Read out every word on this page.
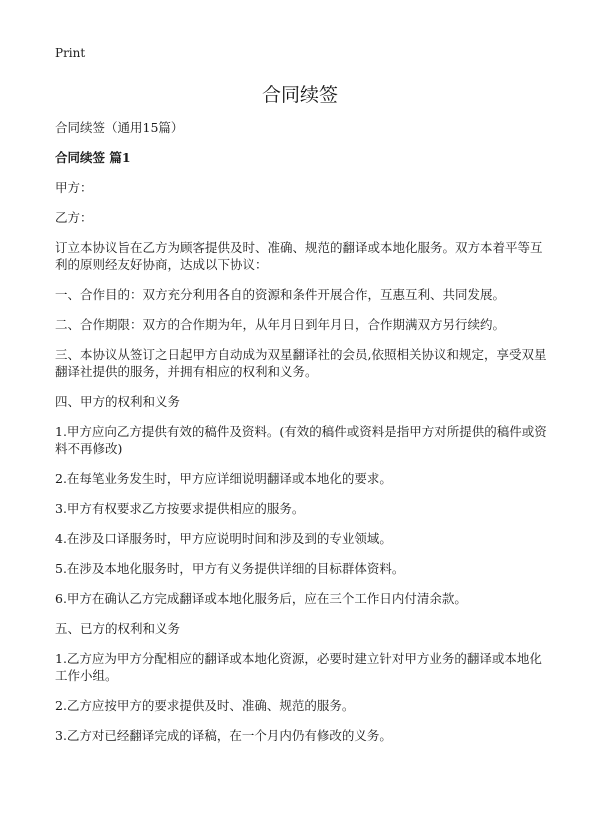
Print
合同续签

合同续签（通用15篇）

合同续签 篇1

甲方：

乙方：

订立本协议旨在乙方为顾客提供及时、准确、规范的翻译或本地化服务。双方本着平等互利的原则经友好协商，达成以下协议：

一、合作目的：双方充分利用各自的资源和条件开展合作，互惠互利、共同发展。

二、合作期限：双方的合作期为年，从年月日到年月日，合作期满双方另行续约。

三、本协议从签订之日起甲方自动成为双星翻译社的会员,依照相关协议和规定，享受双星翻译社提供的服务，并拥有相应的权利和义务。

四、甲方的权利和义务

1.甲方应向乙方提供有效的稿件及资料。(有效的稿件或资料是指甲方对所提供的稿件或资料不再修改)

2.在每笔业务发生时，甲方应详细说明翻译或本地化的要求。

3.甲方有权要求乙方按要求提供相应的服务。

4.在涉及口译服务时，甲方应说明时间和涉及到的专业领域。

5.在涉及本地化服务时，甲方有义务提供详细的目标群体资料。

6.甲方在确认乙方完成翻译或本地化服务后，应在三个工作日内付清余款。

五、已方的权利和义务

1.乙方应为甲方分配相应的翻译或本地化资源，必要时建立针对甲方业务的翻译或本地化工作小组。

2.乙方应按甲方的要求提供及时、准确、规范的服务。

3.乙方对已经翻译完成的译稿，在一个月内仍有修改的义务。
